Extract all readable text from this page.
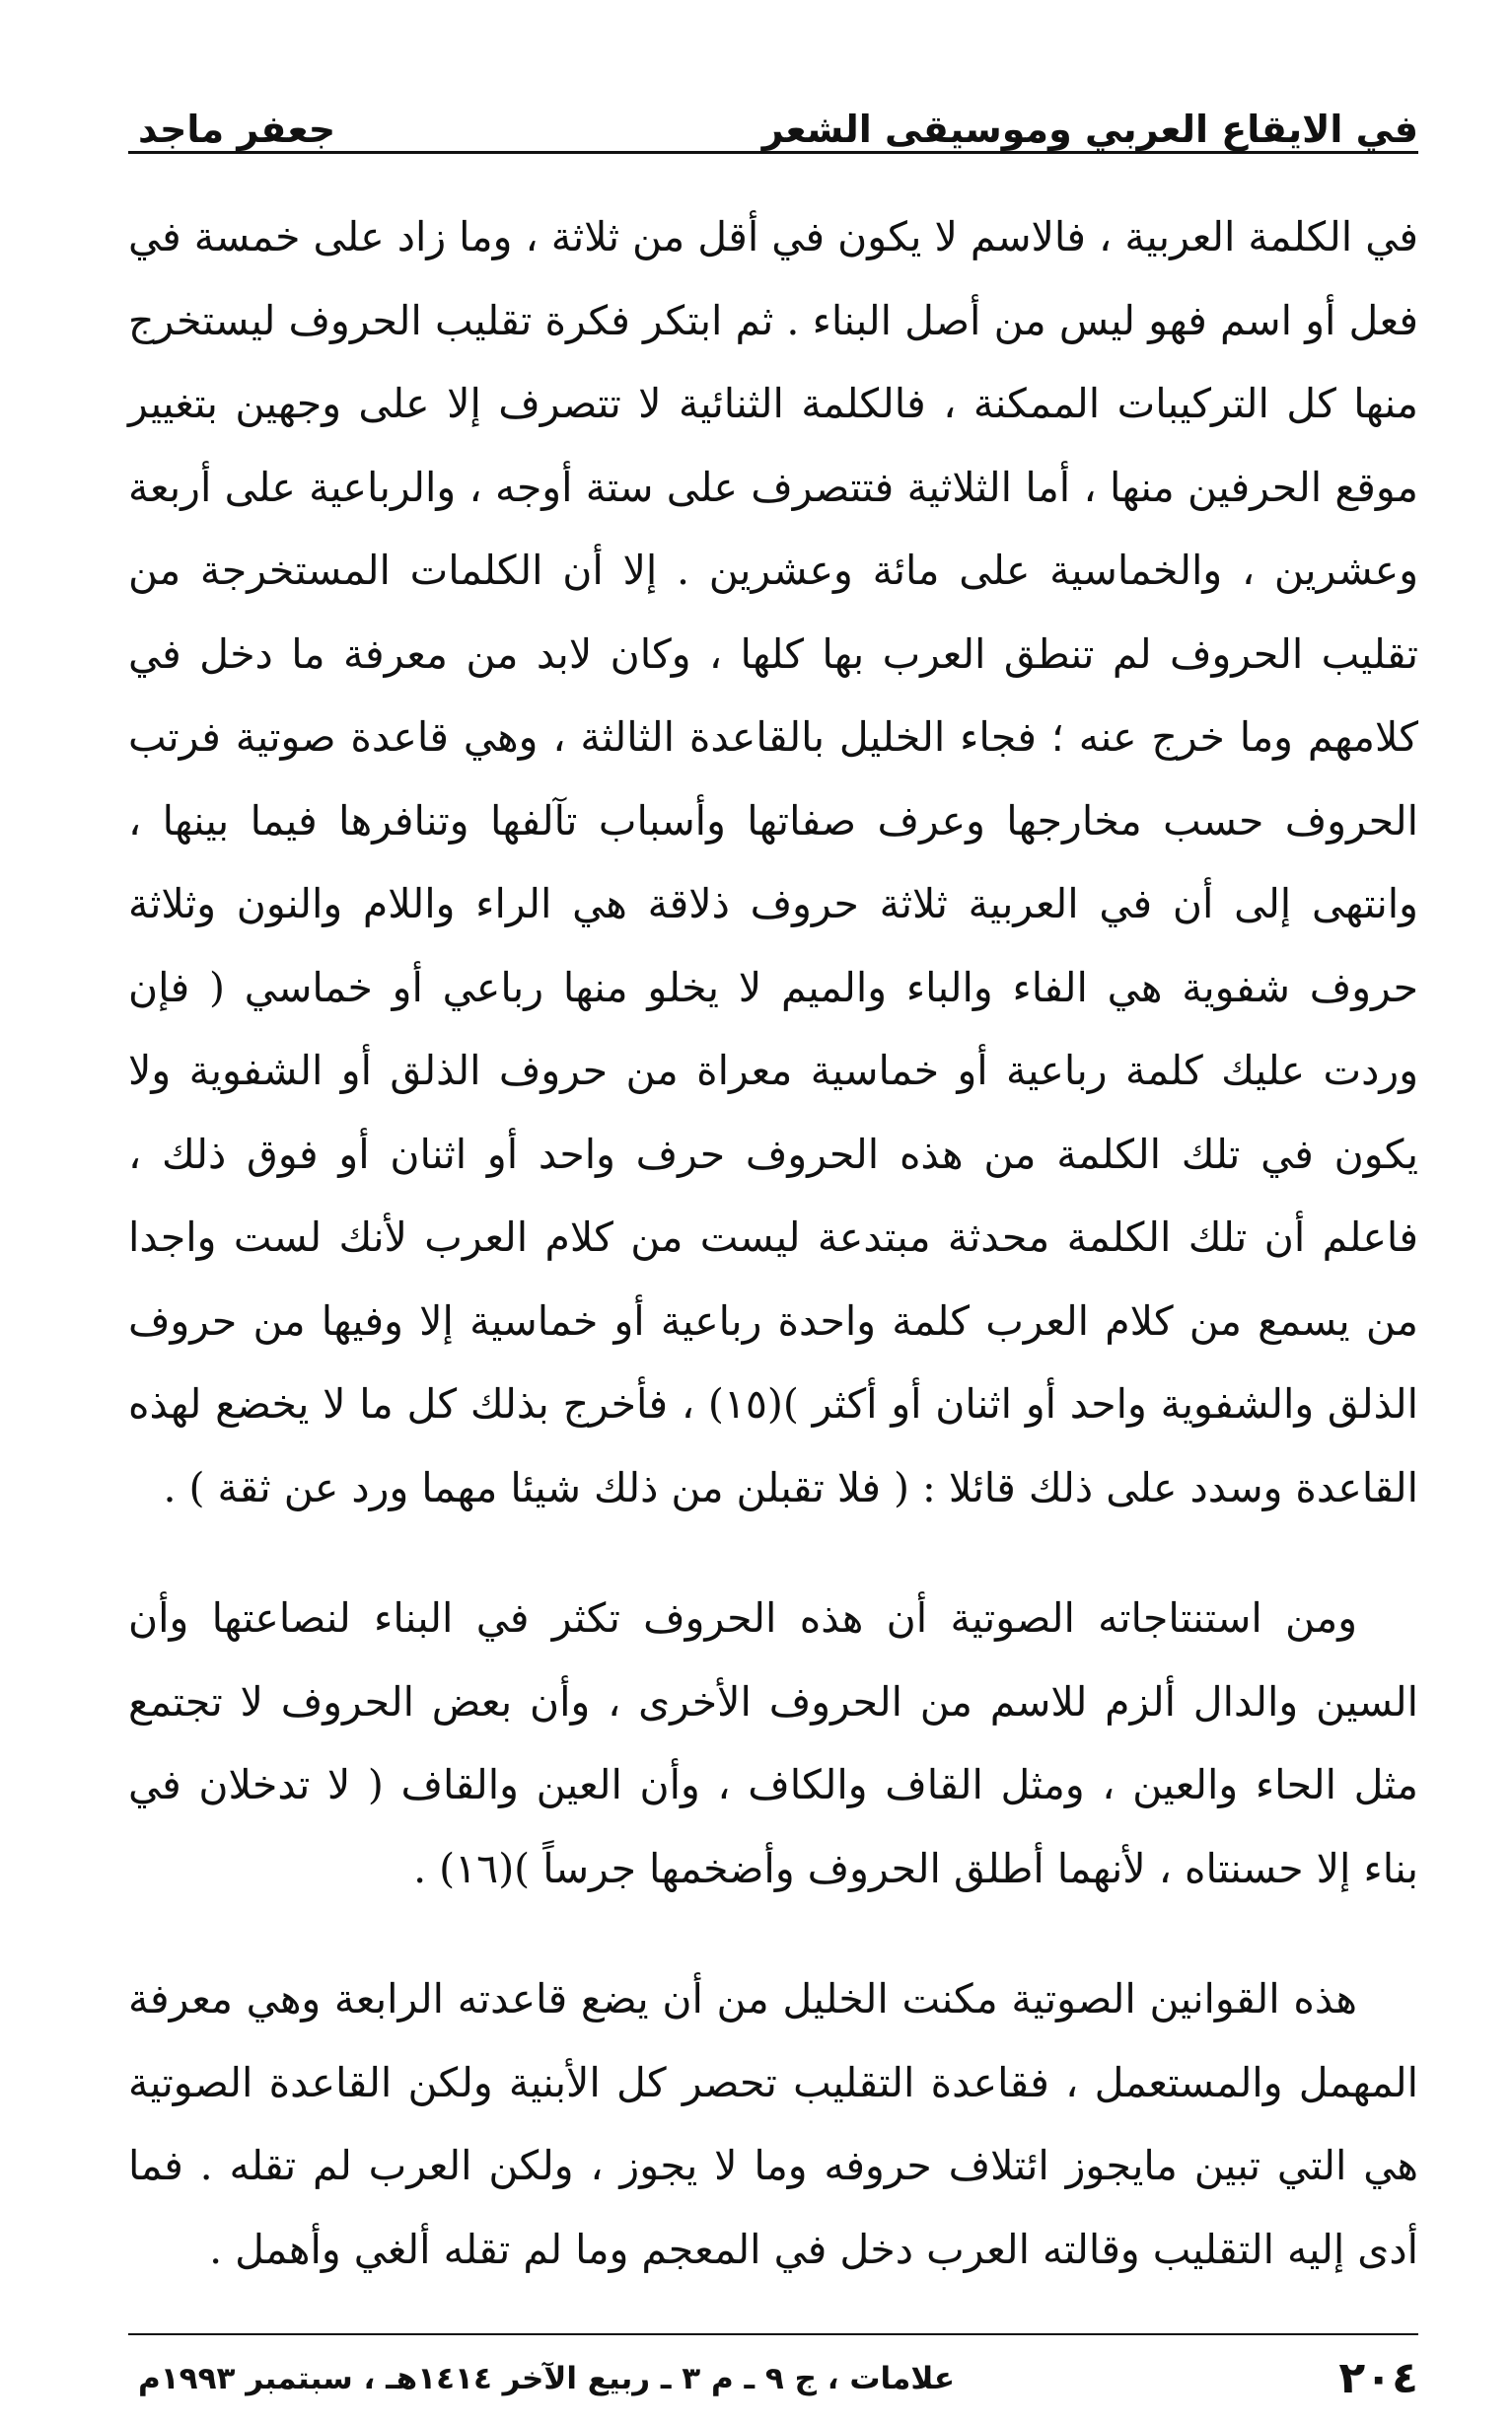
في الايقاع العربي وموسيقى الشعر
جعفر ماجد

في الكلمة العربية ، فالاسم لا يكون في أقل من ثلاثة ، وما زاد على خمسة في فعل أو اسم فهو ليس من أصل البناء . ثم ابتكر فكرة تقليب الحروف ليستخرج منها كل التركيبات الممكنة ، فالكلمة الثنائية لا تتصرف إلا على وجهين بتغيير موقع الحرفين منها ، أما الثلاثية فتتصرف على ستة أوجه ، والرباعية على أربعة وعشرين ، والخماسية على مائة وعشرين . إلا أن الكلمات المستخرجة من تقليب الحروف لم تنطق العرب بها كلها ، وكان لابد من معرفة ما دخل في كلامهم وما خرج عنه ؛ فجاء الخليل بالقاعدة الثالثة ، وهي قاعدة صوتية فرتب الحروف حسب مخارجها وعرف صفاتها وأسباب تآلفها وتنافرها فيما بينها ، وانتهى إلى أن في العربية ثلاثة حروف ذلاقة هي الراء واللام والنون وثلاثة حروف شفوية هي الفاء والباء والميم لا يخلو منها رباعي أو خماسي ( فإن وردت عليك كلمة رباعية أو خماسية معراة من حروف الذلق أو الشفوية ولا يكون في تلك الكلمة من هذه الحروف حرف واحد أو اثنان أو فوق ذلك ، فاعلم أن تلك الكلمة محدثة مبتدعة ليست من كلام العرب لأنك لست واجدا من يسمع من كلام العرب كلمة واحدة رباعية أو خماسية إلا وفيها من حروف الذلق والشفوية واحد أو اثنان أو أكثر )(١٥) ، فأخرج بذلك كل ما لا يخضع لهذه القاعدة وسدد على ذلك قائلا : ( فلا تقبلن من ذلك شيئا مهما ورد عن ثقة ) .

ومن استنتاجاته الصوتية أن هذه الحروف تكثر في البناء لنصاعتها وأن السين والدال ألزم للاسم من الحروف الأخرى ، وأن بعض الحروف لا تجتمع مثل الحاء والعين ، ومثل القاف والكاف ، وأن العين والقاف ( لا تدخلان في بناء إلا حسنتاه ، لأنهما أطلق الحروف وأضخمها جرساً )(١٦) .

هذه القوانين الصوتية مكنت الخليل من أن يضع قاعدته الرابعة وهي معرفة المهمل والمستعمل ، فقاعدة التقليب تحصر كل الأبنية ولكن القاعدة الصوتية هي التي تبين مايجوز ائتلاف حروفه وما لا يجوز ، ولكن العرب لم تقله . فما أدى إليه التقليب وقالته العرب دخل في المعجم وما لم تقله ألغي وأهمل .

٢٠٤
علامات ، ج ٩ ـ م ٣ ـ ربيع الآخر ١٤١٤هـ ، سبتمبر ١٩٩٣م
